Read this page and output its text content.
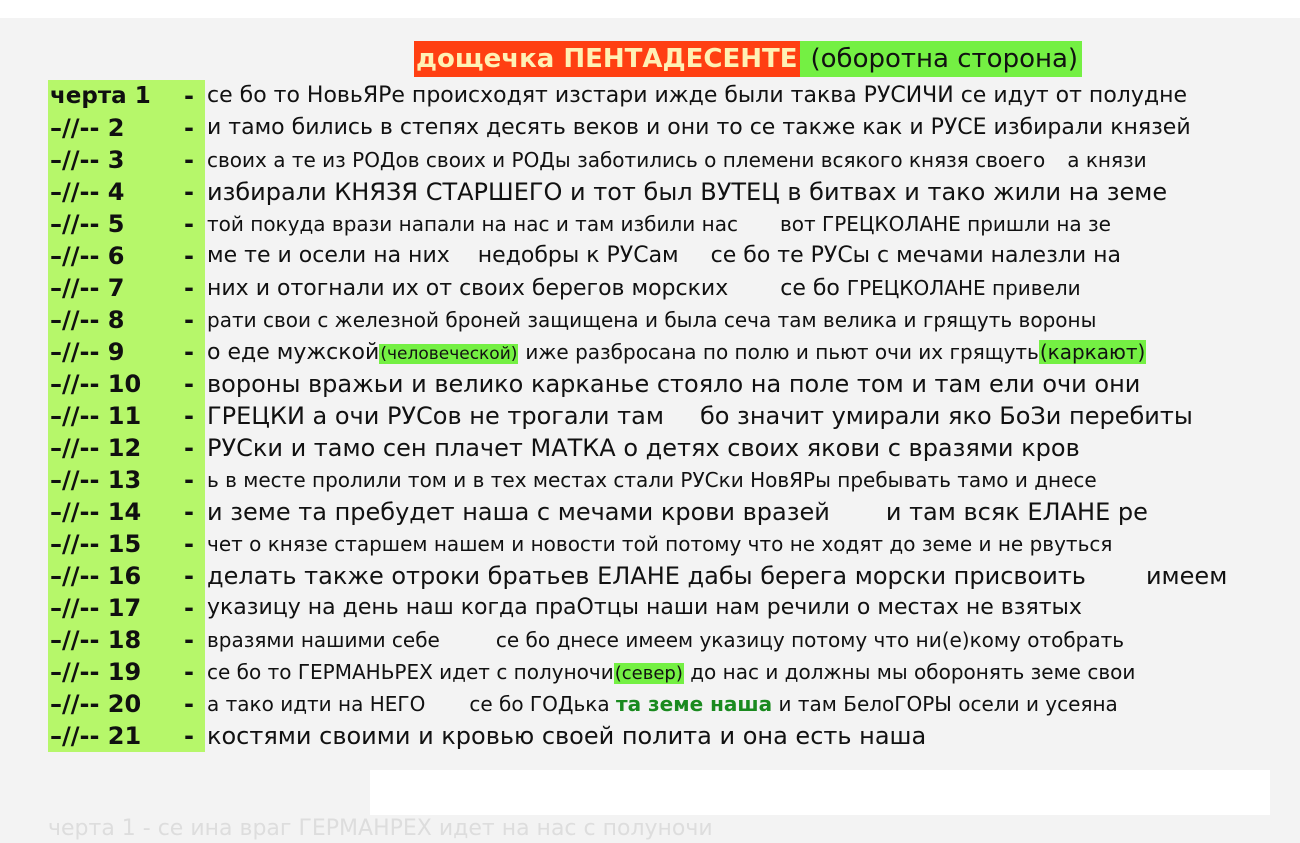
дощечка ПЕНТАДЕСЕНТЕ (оборотна сторона)
черта 1	- се бо то НовьЯРе происходят изстари ижде были таква РУСИЧИ се идут от полудне
–//-- 2	- и тамо бились в степях десять веков и они то се также как и РУСЕ избирали князей
–//-- 3	- своих а те из РОДов своих и РОДы заботились о племени всякого князя своего а князи
–//-- 4	- избирали КНЯЗЯ СТАРШЕГО и тот был ВУТЕЦ в битвах и тако жили на земе
–//-- 5	- той покуда врази напали на нас и там избили нас вот ГРЕЦКОЛАНЕ пришли на зе
–//-- 6	- ме те и осели на них недобры к РУСам се бо те РУСы с мечами налезли на
–//-- 7	- них и отогнали их от своих берегов морских се бо ГРЕЦКОЛАНЕ привели
–//-- 8	- рати свои с железной броней защищена и была сеча там велика и грящуть вороны
–//-- 9	- о еде мужской(человеческой) иже разбросана по полю и пьют очи их грящуть(каркают)
–//-- 10	- вороны вражьи и велико карканье стояло на поле том и там ели очи они
–//-- 11	- ГРЕЦКИ а очи РУСов не трогали там бо значит умирали яко БоЗи перебиты
–//-- 12	- РУСки и тамо сен плачет МАТКА о детях своих якови с вразями кров
–//-- 13	- ь в месте пролили том и в тех местах стали РУСки НовЯРы пребывать тамо и днесе
–//-- 14	- и земе та пребудет наша с мечами крови вразей и там всяк ЕЛАНЕ ре
–//-- 15	- чет о князе старшем нашем и новости той потому что не ходят до земе и не рвуться
–//-- 16	- делать также отроки братьев ЕЛАНЕ дабы берега морски присвоить	имеем
–//-- 17	- указицу на день наш когда праОтцы наши нам речили о местах не взятых
–//-- 18	- вразями нашими себе	се бо днесе имеем указицу потому что ни(е)кому отобрать
–//-- 19	- се бо то ГЕРМАНЬРЕХ идет с полуночи(север) до нас и должны мы оборонять земе свои
–//-- 20	- а тако идти на НЕГО се бо ГОДька та земе наша и там БелоГОРЫ осели и усеяна
–//-- 21	- костями своими и кровью своей полита и она есть наша
черта 1 - се ина враг ГЕРМАНРЕХ идет на нас с полуночи
